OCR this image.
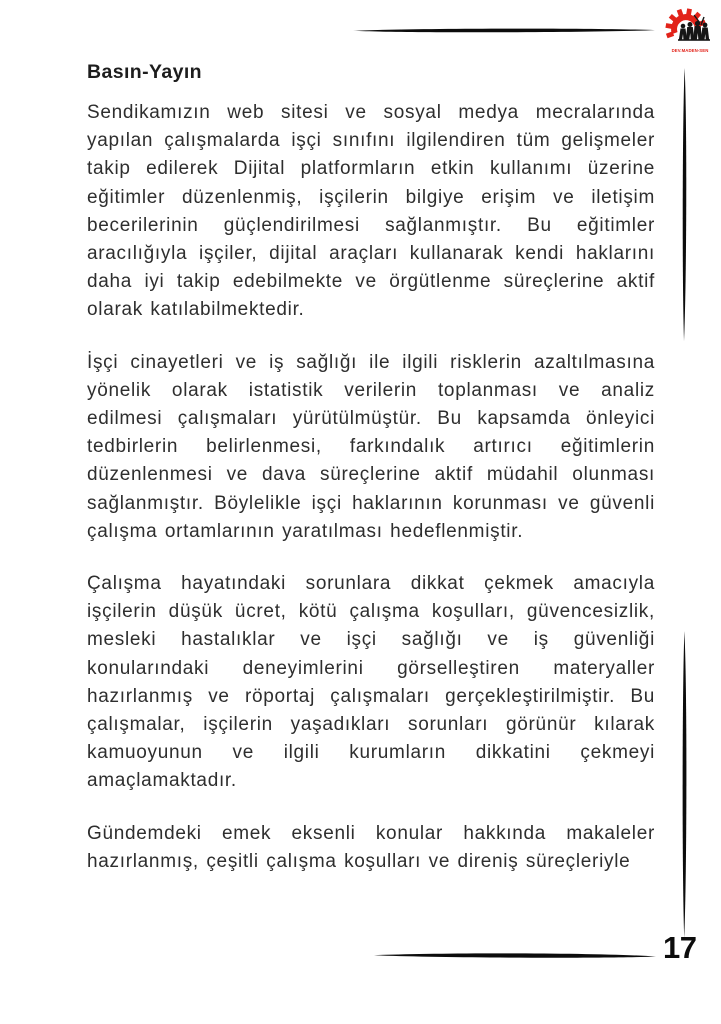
DEV.MADEN-SEN
Basın-Yayın

Sendikamızın web sitesi ve sosyal medya mecralarında yapılan çalışmalarda işçi sınıfını ilgilendiren tüm gelişmeler takip edilerek Dijital platformların etkin kullanımı üzerine eğitimler düzenlenmiş, işçilerin bilgiye erişim ve iletişim becerilerinin güçlendirilmesi sağlanmıştır. Bu eğitimler aracılığıyla işçiler, dijital araçları kullanarak kendi haklarını daha iyi takip edebilmekte ve örgütlenme süreçlerine aktif olarak katılabilmektedir.

İşçi cinayetleri ve iş sağlığı ile ilgili risklerin azaltılmasına yönelik olarak istatistik verilerin toplanması ve analiz edilmesi çalışmaları yürütülmüştür. Bu kapsamda önleyici tedbirlerin belirlenmesi, farkındalık artırıcı eğitimlerin düzenlenmesi ve dava süreçlerine aktif müdahil olunması sağlanmıştır. Böylelikle işçi haklarının korunması ve güvenli çalışma ortamlarının yaratılması hedeflenmiştir.

Çalışma hayatındaki sorunlara dikkat çekmek amacıyla işçilerin düşük ücret, kötü çalışma koşulları, güvencesizlik, mesleki hastalıklar ve işçi sağlığı ve iş güvenliği konularındaki deneyimlerini görselleştiren materyaller hazırlanmış ve röportaj çalışmaları gerçekleştirilmiştir. Bu çalışmalar, işçilerin yaşadıkları sorunları görünür kılarak kamuoyunun ve ilgili kurumların dikkatini çekmeyi amaçlamaktadır.

Gündemdeki emek eksenli konular hakkında makaleler hazırlanmış, çeşitli çalışma koşulları ve direniş süreçleriyle

17
